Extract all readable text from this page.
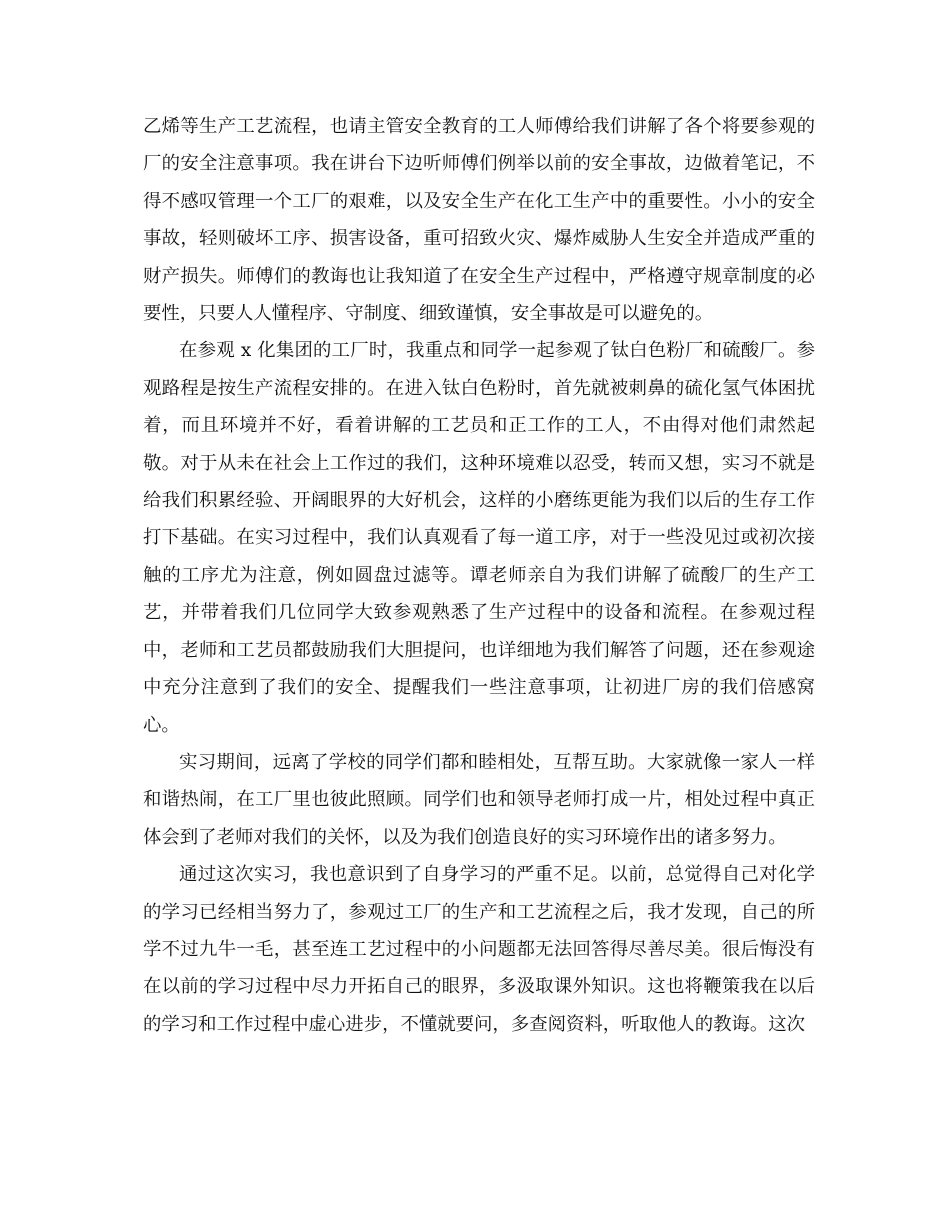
乙烯等生产工艺流程，也请主管安全教育的工人师傅给我们讲解了各个将要参观的厂的安全注意事项。我在讲台下边听师傅们例举以前的安全事故，边做着笔记，不得不感叹管理一个工厂的艰难，以及安全生产在化工生产中的重要性。小小的安全事故，轻则破坏工序、损害设备，重可招致火灾、爆炸威胁人生安全并造成严重的财产损失。师傅们的教诲也让我知道了在安全生产过程中，严格遵守规章制度的必要性，只要人人懂程序、守制度、细致谨慎，安全事故是可以避免的。

在参观 x 化集团的工厂时，我重点和同学一起参观了钛白色粉厂和硫酸厂。参观路程是按生产流程安排的。在进入钛白色粉时，首先就被刺鼻的硫化氢气体困扰着，而且环境并不好，看着讲解的工艺员和正工作的工人，不由得对他们肃然起敬。对于从未在社会上工作过的我们，这种环境难以忍受，转而又想，实习不就是给我们积累经验、开阔眼界的大好机会，这样的小磨练更能为我们以后的生存工作打下基础。在实习过程中，我们认真观看了每一道工序，对于一些没见过或初次接触的工序尤为注意，例如圆盘过滤等。谭老师亲自为我们讲解了硫酸厂的生产工艺，并带着我们几位同学大致参观熟悉了生产过程中的设备和流程。在参观过程中，老师和工艺员都鼓励我们大胆提问，也详细地为我们解答了问题，还在参观途中充分注意到了我们的安全、提醒我们一些注意事项，让初进厂房的我们倍感窝心。

实习期间，远离了学校的同学们都和睦相处，互帮互助。大家就像一家人一样和谐热闹，在工厂里也彼此照顾。同学们也和领导老师打成一片，相处过程中真正体会到了老师对我们的关怀，以及为我们创造良好的实习环境作出的诸多努力。

通过这次实习，我也意识到了自身学习的严重不足。以前，总觉得自己对化学的学习已经相当努力了，参观过工厂的生产和工艺流程之后，我才发现，自己的所学不过九牛一毛，甚至连工艺过程中的小问题都无法回答得尽善尽美。很后悔没有在以前的学习过程中尽力开拓自己的眼界，多汲取课外知识。这也将鞭策我在以后的学习和工作过程中虚心进步，不懂就要问，多查阅资料，听取他人的教诲。这次
